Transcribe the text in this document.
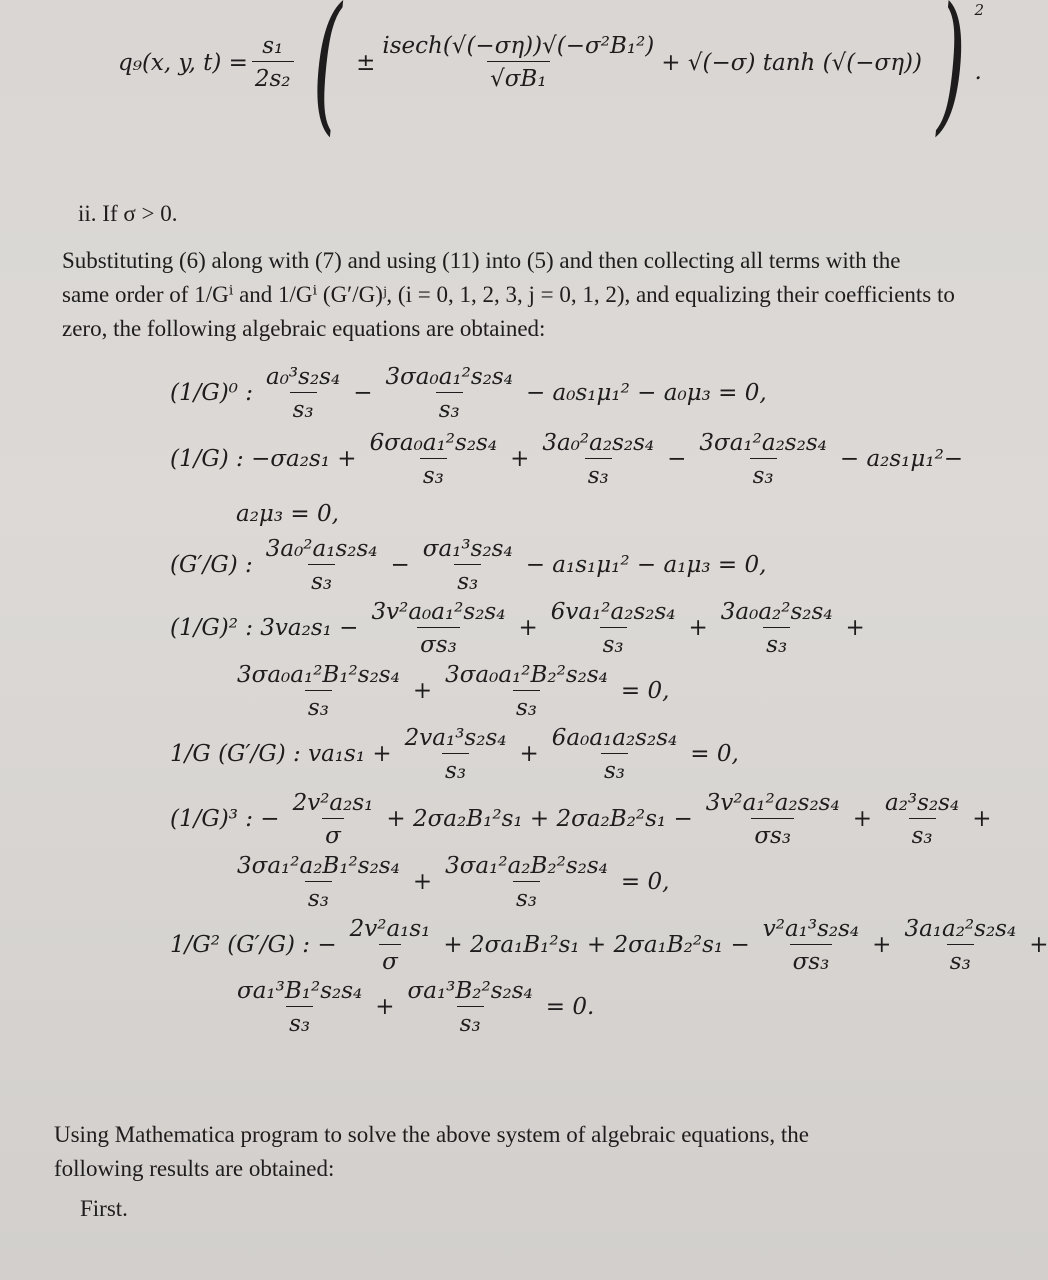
q₉(x, y, $t) = \frac{\text{s₁}}{\text{2s₂}}$ ( ± $\frac{\text{isech(√(−ση))√(−σ²B₁²)}}{\text{√σB₁}} + √(-\sigma)$ tanh (√(−ση)) ) 2
.
ii. If σ > 0.
Substituting (6) along with (7) and using (11) into (5) and then collecting all terms with the
same order of 1/Gⁱ and 1/Gⁱ (G′/G)ʲ, (i = 0, 1, 2, 3, j = 0, 1, 2), and equalizing their coefficients to
zero, the following algebraic equations are obtained:
(1/G)⁰ : $\frac{\text{a₀³s₂s₄}}{\text{s₃}} - \frac{\text{3σa₀a₁²s₂s₄}}{\text{s₃}} - a_0s_1\mu_1^2 - a_0\mu_3 = 0$,
(1/G) : $-\sigma a_2s_1 + \frac{\text{6σa₀a₁²s₂s₄}}{\text{s₃}} + \frac{\text{3a₀²a₂s₂s₄}}{\text{s₃}} - \frac{\text{3σa₁²a₂s₂s₄}}{\text{s₃}} - a_2s_1\mu_1^2-$
a₂μ₃ = 0,
(G′/G) : $\frac{\text{3a₀²a₁s₂s₄}}{\text{s₃}} - \frac{\text{σa₁³s₂s₄}}{\text{s₃}} - a_1s_1\mu_1^2 - a_1\mu_3 = 0$,
(1/G)² : $3va_2s_1 - \frac{\text{3v²a₀a₁²s₂s₄}}{\text{σs₃}} + \frac{\text{6va₁²a₂s₂s₄}}{\text{s₃}} + \frac{\text{3a₀a₂²s₂s₄}}{\text{s₃}}$ +
$\frac{\text{3σa₀a₁²B₁²s₂s₄}}{\text{s₃}} + \frac{\text{3σa₀a₁²B₂²s₂s₄}}{\text{s₃}} = 0$,
1/G (G′/G) : $va_1s_1 + \frac{\text{2va₁³s₂s₄}}{\text{s₃}} + \frac{\text{6a₀a₁a₂s₂s₄}}{\text{s₃}} = 0$,
(1/G)³ : − $\frac{\text{2v²a₂s₁}}{\sigma} + 2\sigma a_2B_1^2s_1 + 2\sigma a_2B_2^2s_1 - \frac{\text{3v²a₁²a₂s₂s₄}}{\text{σs₃}} + \frac{\text{a₂³s₂s₄}}{\text{s₃}}$ +
$\frac{\text{3σa₁²a₂B₁²s₂s₄}}{\text{s₃}} + \frac{\text{3σa₁²a₂B₂²s₂s₄}}{\text{s₃}} = 0$,
1/G² (G′/G) : − $\frac{\text{2v²a₁s₁}}{\sigma} + 2\sigma a_1B_1^2s_1 + 2\sigma a_1B_2^2s_1 - \frac{\text{v²a₁³s₂s₄}}{\text{σs₃}} + \frac{\text{3a₁a₂²s₂s₄}}{\text{s₃}}$ +
$\frac{\text{σa₁³B₁²s₂s₄}}{\text{s₃}} + \frac{\text{σa₁³B₂²s₂s₄}}{\text{s₃}} = 0$.
Using Mathematica program to solve the above system of algebraic equations, the
following results are obtained:
First.
